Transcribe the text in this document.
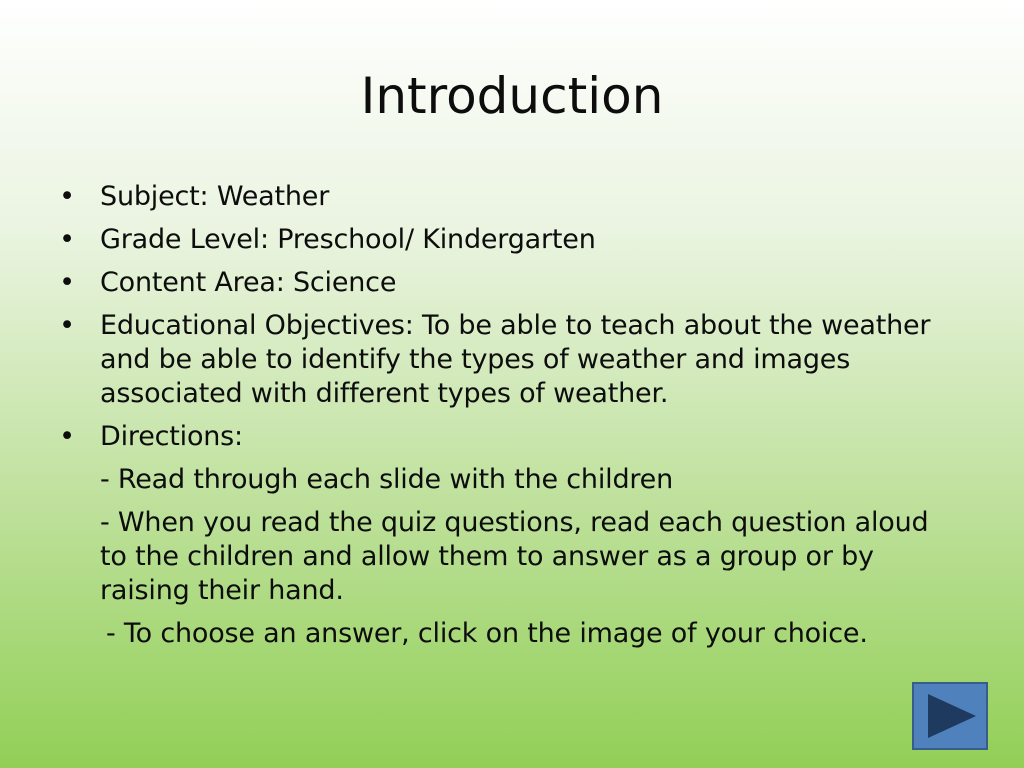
Introduction
• Subject: Weather
• Grade Level: Preschool/ Kindergarten
• Content Area: Science
• Educational Objectives: To be able to teach about the weather and be able to identify the types of weather and images associated with different types of weather.
• Directions:
- Read through each slide with the children
- When you read the quiz questions, read each question aloud to the children and allow them to answer as a group or by raising their hand.
- To choose an answer, click on the image of your choice.
